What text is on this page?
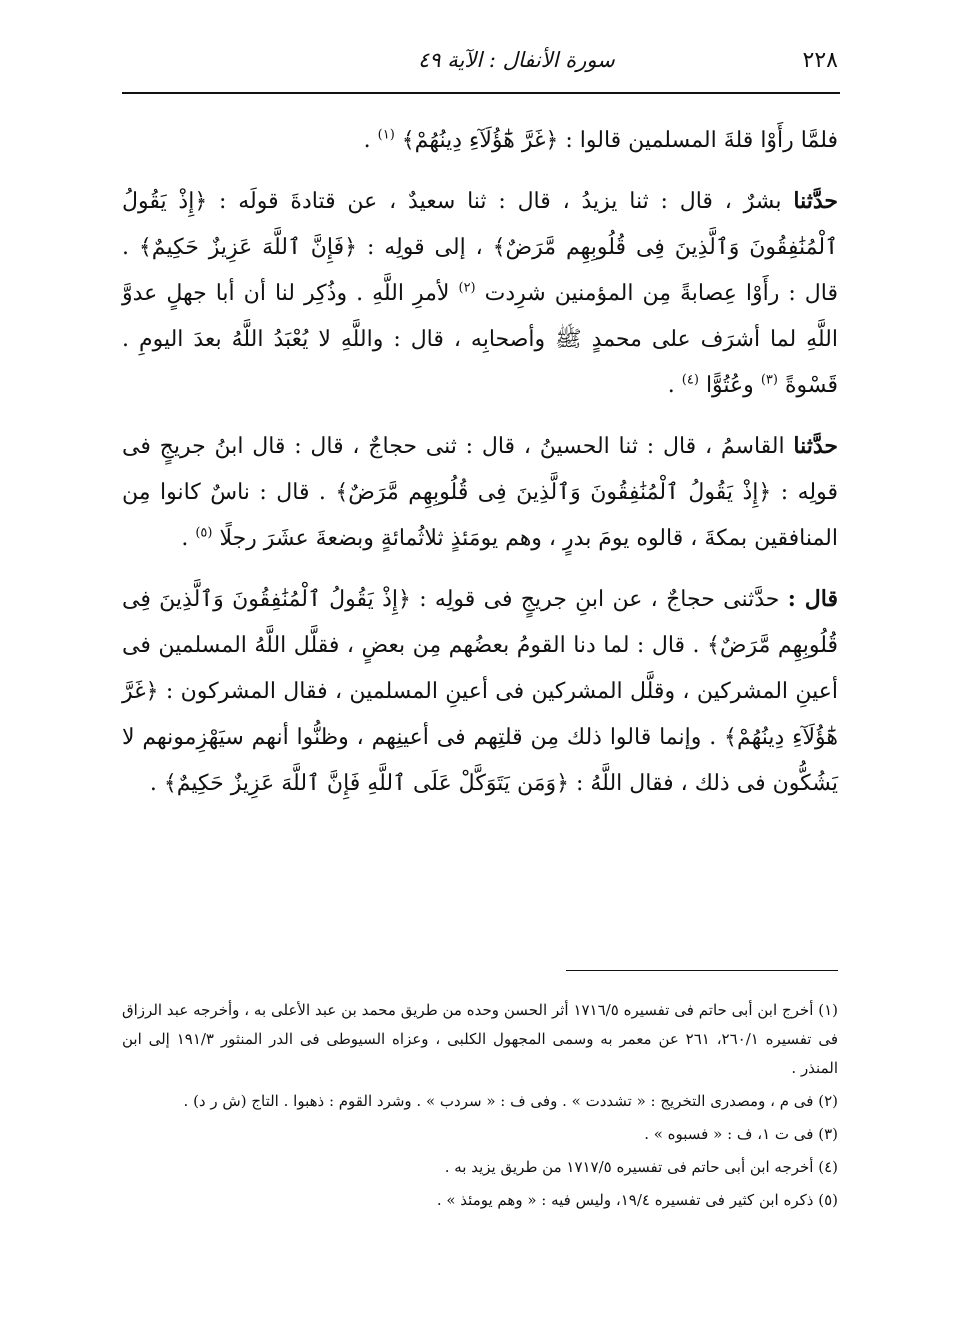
٢٢٨
سورة الأنفال : الآية ٤٩

فلمَّا رأَوْا قلةَ المسلمين قالوا : ﴿غَرَّ هَٰٓؤُلَآءِ دِينُهُمْ﴾ $^{(١)}$ .

حدَّثنا بشرٌ ، قال : ثنا يزيدُ ، قال : ثنا سعيدٌ ، عن قتادةَ قولَه : ﴿إِذْ يَقُولُ ٱلْمُنَٰفِقُونَ وَٱلَّذِينَ فِى قُلُوبِهِم مَّرَضٌ﴾ ، إلى قولِه : ﴿فَإِنَّ ٱللَّهَ عَزِيزٌ حَكِيمٌ﴾ . قال : رأَوْا عِصابةً مِن المؤمنين شرِدت $^{(٢)}$ لأمرِ اللَّهِ . وذُكِر لنا أن أبا جهلٍ عدوَّ اللَّهِ لما أشرَف على محمدٍ ﷺ وأصحابِه ، قال : واللَّهِ لا يُعْبَدُ اللَّهُ بعدَ اليومِ . قَسْوةً $^{(٣)}$ وعُتُوًّا $^{(٤)}$ .

حدَّثنا القاسمُ ، قال : ثنا الحسينُ ، قال : ثنى حجاجٌ ، قال : قال ابنُ جريجٍ فى قولِه : ﴿إِذْ يَقُولُ ٱلْمُنَٰفِقُونَ وَٱلَّذِينَ فِى قُلُوبِهِم مَّرَضٌ﴾ . قال : ناسٌ كانوا مِن المنافقين بمكةَ ، قالوه يومَ بدرٍ ، وهم يومَئذٍ ثلاثُمائةٍ وبضعةَ عشَرَ رجلًا $^{(٥)}$ .

قال : حدَّثنى حجاجٌ ، عن ابنِ جريجٍ فى قولِه : ﴿إِذْ يَقُولُ ٱلْمُنَٰفِقُونَ وَٱلَّذِينَ فِى قُلُوبِهِم مَّرَضٌ﴾ . قال : لما دنا القومُ بعضُهم مِن بعضٍ ، فقلَّل اللَّهُ المسلمين فى أعينِ المشركين ، وقلَّل المشركين فى أعينِ المسلمين ، فقال المشركون : ﴿غَرَّ هَٰٓؤُلَآءِ دِينُهُمْ﴾ . وإنما قالوا ذلك مِن قلتِهم فى أعينِهم ، وظنُّوا أنهم سيَهْزِمونهم لا يَشُكُّون فى ذلك ، فقال اللَّهُ : ﴿وَمَن يَتَوَكَّلْ عَلَى ٱللَّهِ فَإِنَّ ٱللَّهَ عَزِيزٌ حَكِيمٌ﴾ .

(١) أخرج ابن أبى حاتم فى تفسيره ١٧١٦/٥ أثر الحسن وحده من طريق محمد بن عبد الأعلى به ، وأخرجه عبد الرزاق فى تفسيره ٢٦٠/١، ٢٦١ عن معمر به وسمى المجهول الكلبى ، وعزاه السيوطى فى الدر المنثور ١٩١/٣ إلى ابن المنذر .

(٢) فى م ، ومصدرى التخريج : « تشددت » . وفى ف : « سردب » . وشرد القوم : ذهبوا . التاج (ش ر د) .

(٣) فى ت ١، ف : « فسبوه » .

(٤) أخرجه ابن أبى حاتم فى تفسيره ١٧١٧/٥ من طريق يزيد به .

(٥) ذكره ابن كثير فى تفسيره ١٩/٤، وليس فيه : « وهم يومئذ » .
